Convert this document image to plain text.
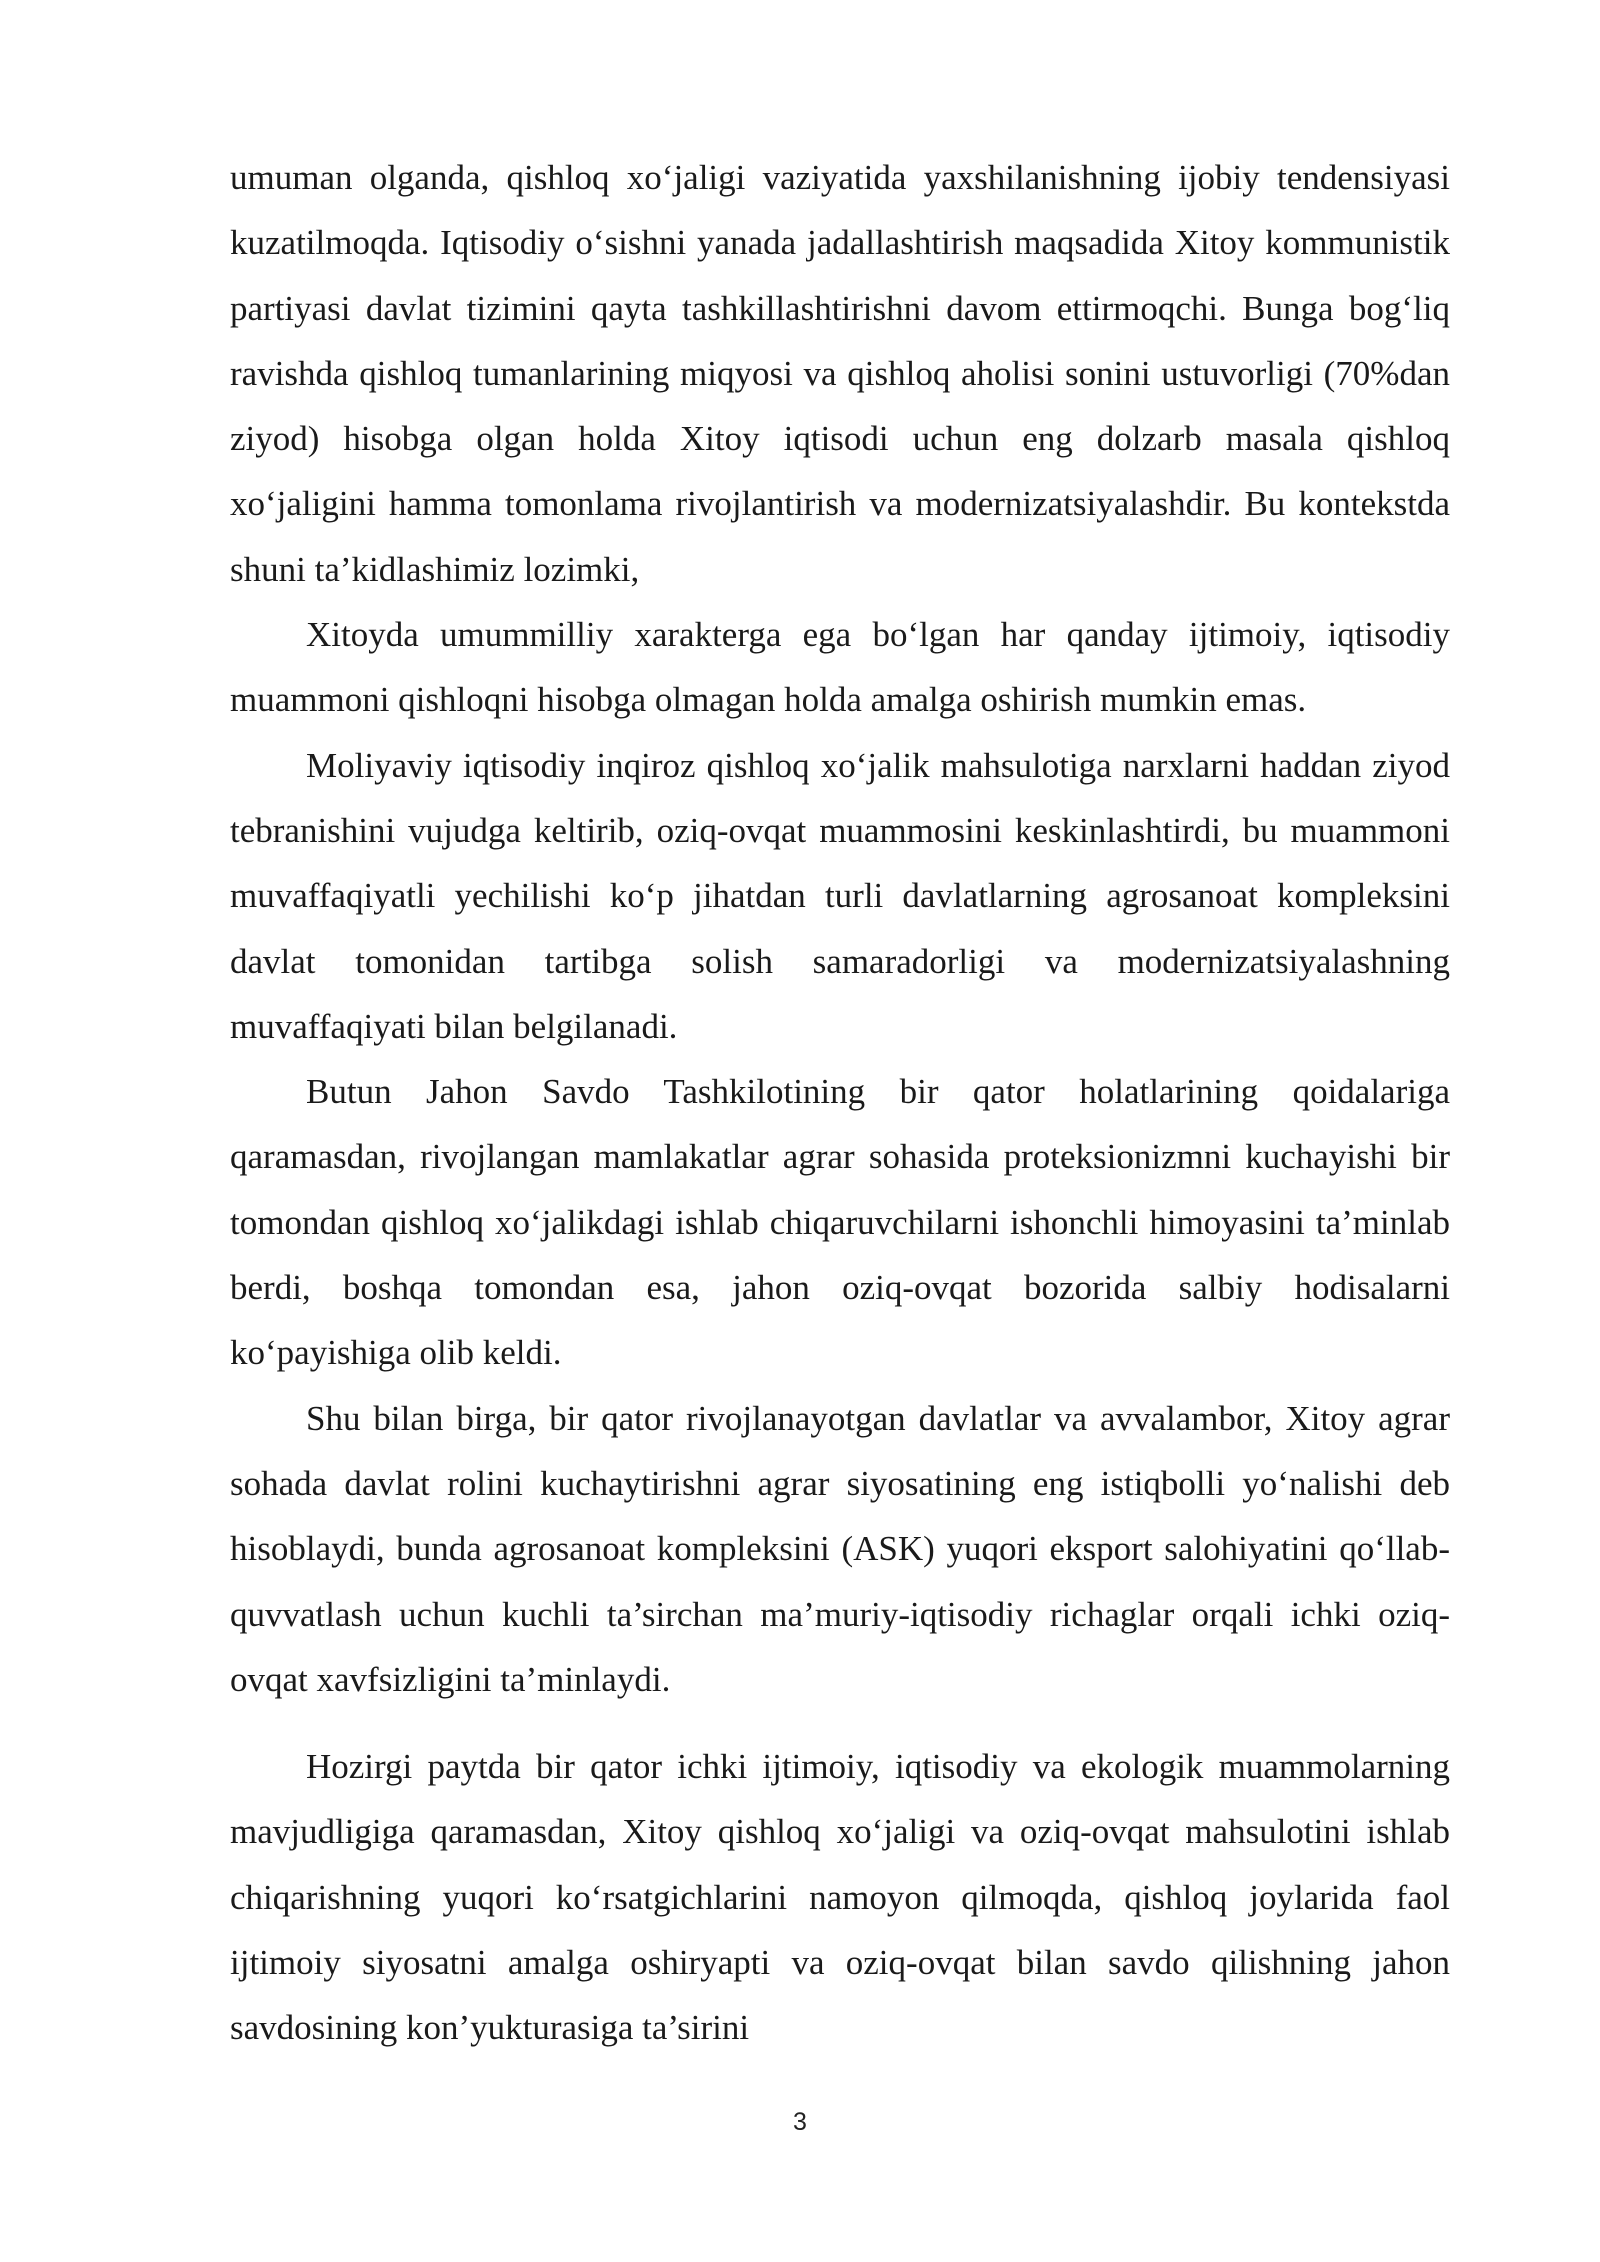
umuman olganda, qishloq xo‘jaligi vaziyatida yaxshilanishning ijobiy tendensiyasi kuzatilmoqda. Iqtisodiy o‘sishni yanada jadallashtirish maqsadida Xitoy kommunistik partiyasi davlat tizimini qayta tashkillashtirishni davom ettirmoqchi. Bunga bog‘liq ravishda qishloq tumanlarining miqyosi va qishloq aholisi sonini ustuvorligi (70%dan ziyod) hisobga olgan holda Xitoy iqtisodi uchun eng dolzarb masala qishloq xo‘jaligini hamma tomonlama rivojlantirish va modernizatsiyalashdir. Bu kontekstda shuni ta’kidlashimiz lozimki,

Xitoyda umummilliy xarakterga ega bo‘lgan har qanday ijtimoiy, iqtisodiy muammoni qishloqni hisobga olmagan holda amalga oshirish mumkin emas.

Moliyaviy iqtisodiy inqiroz qishloq xo‘jalik mahsulotiga narxlarni haddan ziyod tebranishini vujudga keltirib, oziq-ovqat muammosini keskinlashtirdi, bu muammoni muvaffaqiyatli yechilishi ko‘p jihatdan turli davlatlarning agrosanoat kompleksini davlat tomonidan tartibga solish samaradorligi va modernizatsiyalashning muvaffaqiyati bilan belgilanadi.

Butun Jahon Savdo Tashkilotining bir qator holatlarining qoidalariga qaramasdan, rivojlangan mamlakatlar agrar sohasida proteksionizmni kuchayishi bir tomondan qishloq xo‘jalikdagi ishlab chiqaruvchilarni ishonchli himoyasini ta’minlab berdi, boshqa tomondan esa, jahon oziq-ovqat bozorida salbiy hodisalarni ko‘payishiga olib keldi.

Shu bilan birga, bir qator rivojlanayotgan davlatlar va avvalambor, Xitoy agrar sohada davlat rolini kuchaytirishni agrar siyosatining eng istiqbolli yo‘nalishi deb hisoblaydi, bunda agrosanoat kompleksini (ASK) yuqori eksport salohiyatini qo‘llab-quvvatlash uchun kuchli ta’sirchan ma’muriy-iqtisodiy richaglar orqali ichki oziq-ovqat xavfsizligini ta’minlaydi.

Hozirgi paytda bir qator ichki ijtimoiy, iqtisodiy va ekologik muammolarning mavjudligiga qaramasdan, Xitoy qishloq xo‘jaligi va oziq-ovqat mahsulotini ishlab chiqarishning yuqori ko‘rsatgichlarini namoyon qilmoqda, qishloq joylarida faol ijtimoiy siyosatni amalga oshiryapti va oziq-ovqat bilan savdo qilishning jahon savdosining kon’yukturasiga ta’sirini

3
